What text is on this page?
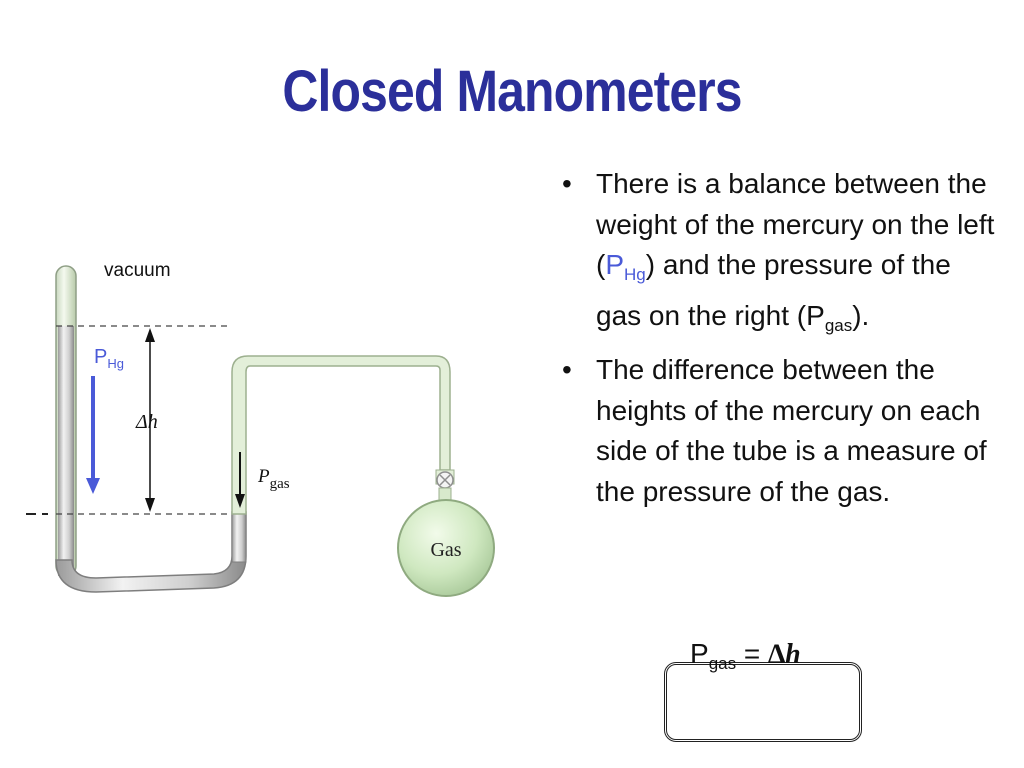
Closed Manometers
Gas
Δh
$P_{Hg}$
$P_{gas}$
vacuum
• There is a balance between the weight of the mercury on the left $(P_{Hg})$ and the pressure of the gas on the right $(P_{gas})$.
• The difference between the heights of the mercury on each side of the tube is a measure of the pressure of the gas.
$P_{gas} = \Delta h$
